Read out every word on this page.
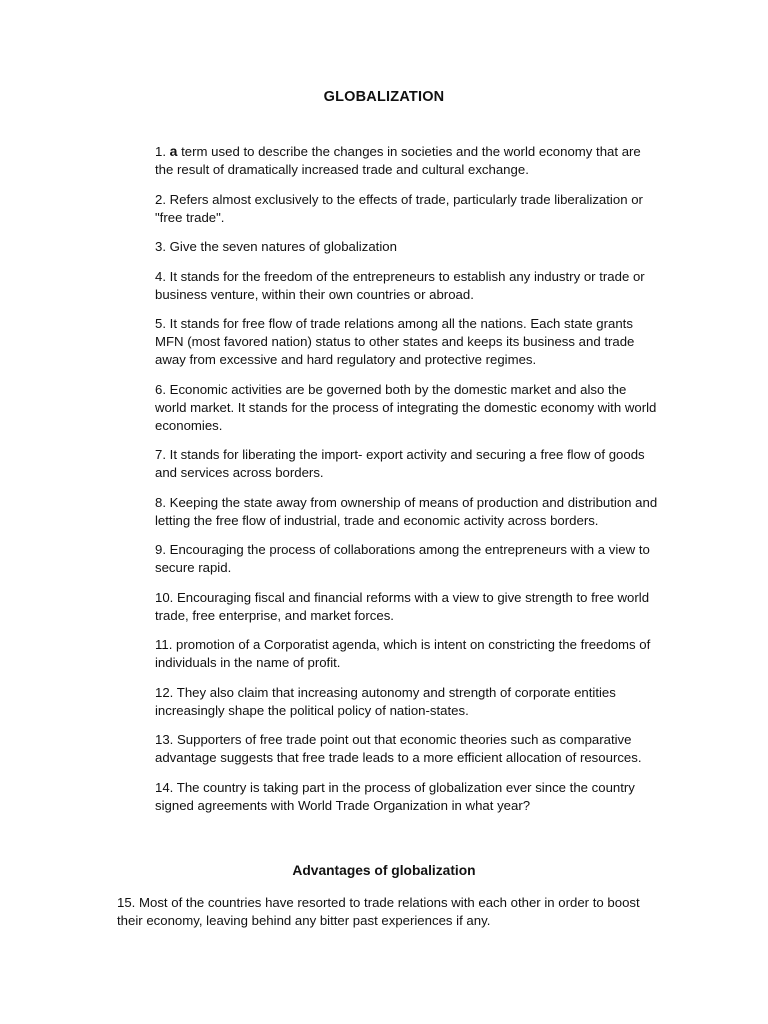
GLOBALIZATION
1. a term used to describe the changes in societies and the world economy that are the result of dramatically increased trade and cultural exchange.
2. Refers almost exclusively to the effects of trade, particularly trade liberalization or "free trade".
3. Give the seven natures of globalization
4. It stands for the freedom of the entrepreneurs to establish any industry or trade or business venture, within their own countries or abroad.
5. It stands for free flow of trade relations among all the nations. Each state grants MFN (most favored nation) status to other states and keeps its business and trade away from excessive and hard regulatory and protective regimes.
6. Economic activities are be governed both by the domestic market and also the world market. It stands for the process of integrating the domestic economy with world economies.
7. It stands for liberating the import- export activity and securing a free flow of goods and services across borders.
8. Keeping the state away from ownership of means of production and distribution and letting the free flow of industrial, trade and economic activity across borders.
9. Encouraging the process of collaborations among the entrepreneurs with a view to secure rapid.
10. Encouraging fiscal and financial reforms with a view to give strength to free world trade, free enterprise, and market forces.
11. promotion of a Corporatist agenda, which is intent on constricting the freedoms of individuals in the name of profit.
12. They also claim that increasing autonomy and strength of corporate entities increasingly shape the political policy of nation-states.
13. Supporters of free trade point out that economic theories such as comparative advantage suggests that free trade leads to a more efficient allocation of resources.
14. The country is taking part in the process of globalization ever since the country signed agreements with World Trade Organization in what year?
Advantages of globalization

15. Most of the countries have resorted to trade relations with each other in order to boost their economy, leaving behind any bitter past experiences if any.
